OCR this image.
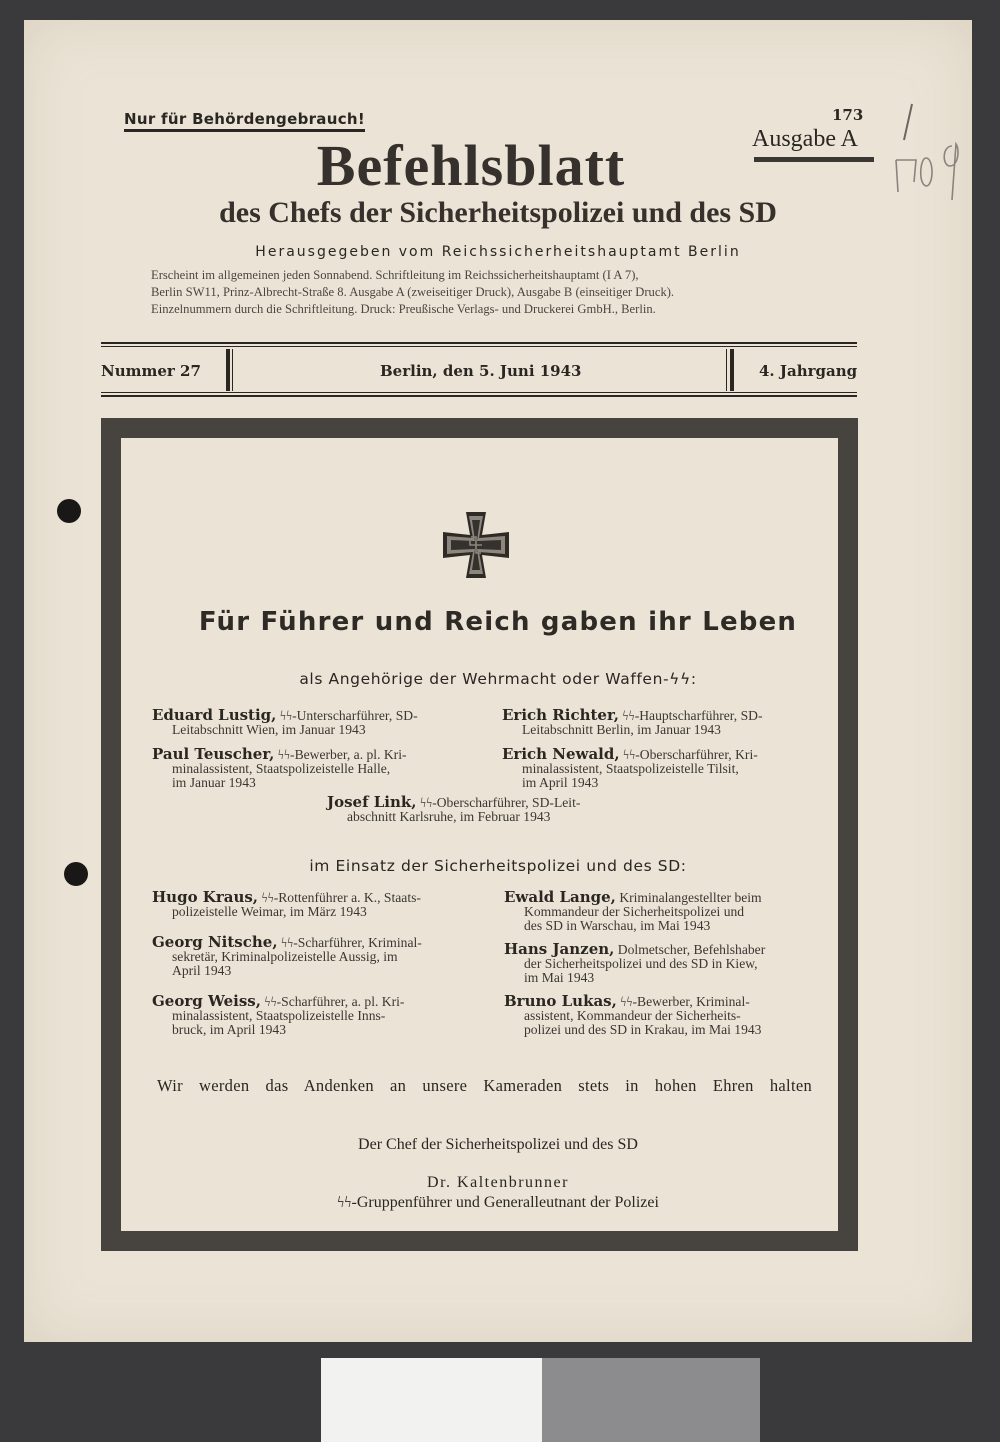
Nur für Behördengebrauch!	173
Ausgabe A
Befehlsblatt
des Chefs der Sicherheitspolizei und des SD
Herausgegeben vom Reichssicherheitshauptamt Berlin
Erscheint im allgemeinen jeden Sonnabend. Schriftleitung im Reichssicherheitshauptamt (I A 7),
Berlin SW11, Prinz-Albrecht-Straße 8. Ausgabe A (zweiseitiger Druck), Ausgabe B (einseitiger Druck).
Einzelnummern durch die Schriftleitung. Druck: Preußische Verlags- und Druckerei GmbH., Berlin.
Nummer 27	Berlin, den 5. Juni 1943	4. Jahrgang
Für Führer und Reich gaben ihr Leben
als Angehörige der Wehrmacht oder Waffen-ϟϟ:
Eduard Lustig, ϟϟ-Unterscharführer, SD-
Leitabschnitt Wien, im Januar 1943
Erich Richter, ϟϟ-Hauptscharführer, SD-
Leitabschnitt Berlin, im Januar 1943
Paul Teuscher, ϟϟ-Bewerber, a. pl. Kri-
minalassistent, Staatspolizeistelle Halle,
im Januar 1943
Erich Newald, ϟϟ-Oberscharführer, Kri-
minalassistent, Staatspolizeistelle Tilsit,
im April 1943
Josef Link, ϟϟ-Oberscharführer, SD-Leit-
abschnitt Karlsruhe, im Februar 1943
im Einsatz der Sicherheitspolizei und des SD:
Hugo Kraus, ϟϟ-Rottenführer a. K., Staats-
polizeistelle Weimar, im März 1943
Ewald Lange, Kriminalangestellter beim
Kommandeur der Sicherheitspolizei und
des SD in Warschau, im Mai 1943
Georg Nitsche, ϟϟ-Scharführer, Kriminal-
sekretär, Kriminalpolizeistelle Aussig, im
April 1943
Hans Janzen, Dolmetscher, Befehlshaber
der Sicherheitspolizei und des SD in Kiew,
im Mai 1943
Georg Weiss, ϟϟ-Scharführer, a. pl. Kri-
minalassistent, Staatspolizeistelle Inns-
bruck, im April 1943
Bruno Lukas, ϟϟ-Bewerber, Kriminal-
assistent, Kommandeur der Sicherheits-
polizei und des SD in Krakau, im Mai 1943
Wir werden das Andenken an unsere Kameraden stets in hohen Ehren halten
Der Chef der Sicherheitspolizei und des SD
Dr. Kaltenbrunner
ϟϟ-Gruppenführer und Generalleutnant der Polizei
